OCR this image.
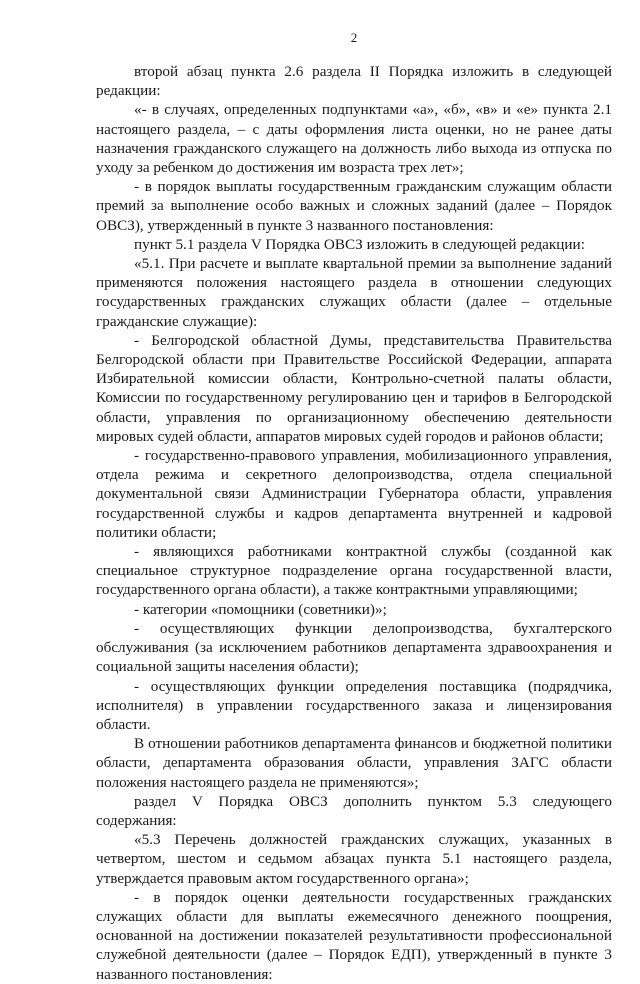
2

второй абзац пункта 2.6 раздела II Порядка изложить в следующей редакции:

«- в случаях, определенных подпунктами «а», «б», «в» и «е» пункта 2.1 настоящего раздела, – с даты оформления листа оценки, но не ранее даты назначения гражданского служащего на должность либо выхода из отпуска по уходу за ребенком до достижения им возраста трех лет»;

- в порядок выплаты государственным гражданским служащим области премий за выполнение особо важных и сложных заданий (далее – Порядок ОВСЗ), утвержденный в пункте 3 названного постановления:

пункт 5.1 раздела V Порядка ОВСЗ изложить в следующей редакции:

«5.1. При расчете и выплате квартальной премии за выполнение заданий применяются положения настоящего раздела в отношении следующих государственных гражданских служащих области (далее – отдельные гражданские служащие):

- Белгородской областной Думы, представительства Правительства Белгородской области при Правительстве Российской Федерации, аппарата Избирательной комиссии области, Контрольно-счетной палаты области, Комиссии по государственному регулированию цен и тарифов в Белгородской области, управления по организационному обеспечению деятельности мировых судей области, аппаратов мировых судей городов и районов области;

- государственно-правового управления, мобилизационного управления, отдела режима и секретного делопроизводства, отдела специальной документальной связи Администрации Губернатора области, управления государственной службы и кадров департамента внутренней и кадровой политики области;

- являющихся работниками контрактной службы (созданной как специальное структурное подразделение органа государственной власти, государственного органа области), а также контрактными управляющими;

- категории «помощники (советники)»;

- осуществляющих функции делопроизводства, бухгалтерского обслуживания (за исключением работников департамента здравоохранения и социальной защиты населения области);

- осуществляющих функции определения поставщика (подрядчика, исполнителя) в управлении государственного заказа и лицензирования области.

В отношении работников департамента финансов и бюджетной политики области, департамента образования области, управления ЗАГС области положения настоящего раздела не применяются»;

раздел V Порядка ОВСЗ дополнить пунктом 5.3 следующего содержания:

«5.3 Перечень должностей гражданских служащих, указанных в четвертом, шестом и седьмом абзацах пункта 5.1 настоящего раздела, утверждается правовым актом государственного органа»;

- в порядок оценки деятельности государственных гражданских служащих области для выплаты ежемесячного денежного поощрения, основанной на достижении показателей результативности профессиональной служебной деятельности (далее – Порядок ЕДП), утвержденный в пункте 3 названного постановления:
